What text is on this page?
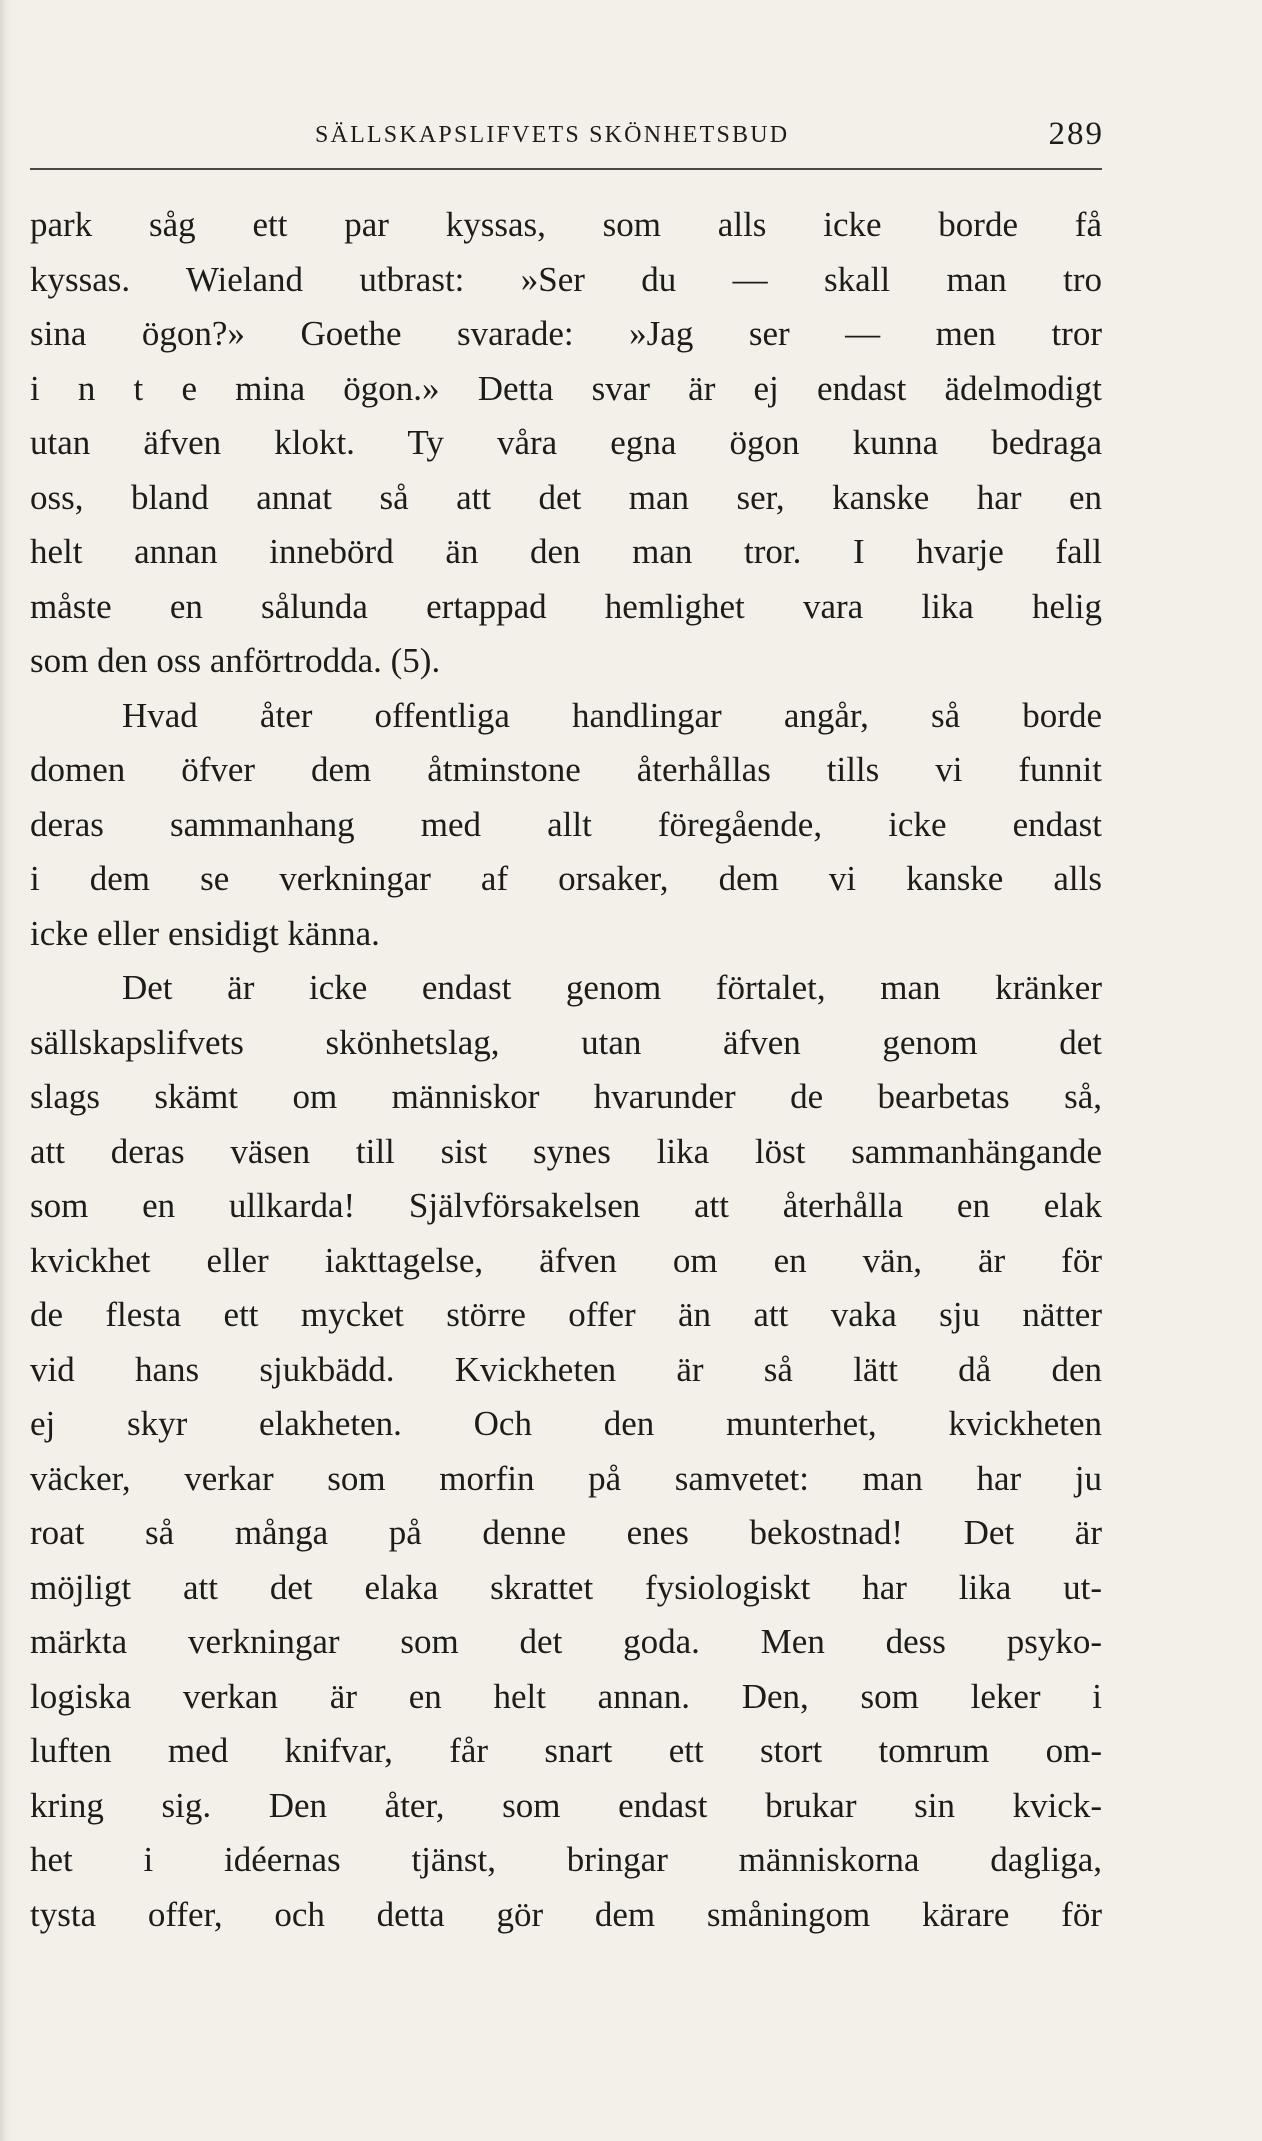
SÄLLSKAPSLIFVETS SKÖNHETSBUD	289
park såg ett par kyssas, som alls icke borde få
kyssas. Wieland utbrast: »Ser du — skall man tro
sina ögon?» Goethe svarade: »Jag ser — men tror
i n t e mina ögon.» Detta svar är ej endast ädelmodigt
utan äfven klokt. Ty våra egna ögon kunna bedraga
oss, bland annat så att det man ser, kanske har en
helt annan innebörd än den man tror. I hvarje fall
måste en sålunda ertappad hemlighet vara lika helig
som den oss anförtrodda. (5).
Hvad åter offentliga handlingar angår, så borde
domen öfver dem åtminstone återhållas tills vi funnit
deras sammanhang med allt föregående, icke endast
i dem se verkningar af orsaker, dem vi kanske alls
icke eller ensidigt känna.
Det är icke endast genom förtalet, man kränker
sällskapslifvets skönhetslag, utan äfven genom det
slags skämt om människor hvarunder de bearbetas så,
att deras väsen till sist synes lika löst sammanhängande
som en ullkarda! Självförsakelsen att återhålla en elak
kvickhet eller iakttagelse, äfven om en vän, är för
de flesta ett mycket större offer än att vaka sju nätter
vid hans sjukbädd. Kvickheten är så lätt då den
ej skyr elakheten. Och den munterhet, kvickheten
väcker, verkar som morfin på samvetet: man har ju
roat så många på denne enes bekostnad! Det är
möjligt att det elaka skrattet fysiologiskt har lika ut-
märkta verkningar som det goda. Men dess psyko-
logiska verkan är en helt annan. Den, som leker i
luften med knifvar, får snart ett stort tomrum om-
kring sig. Den åter, som endast brukar sin kvick-
het i idéernas tjänst, bringar människorna dagliga,
tysta offer, och detta gör dem småningom kärare för
